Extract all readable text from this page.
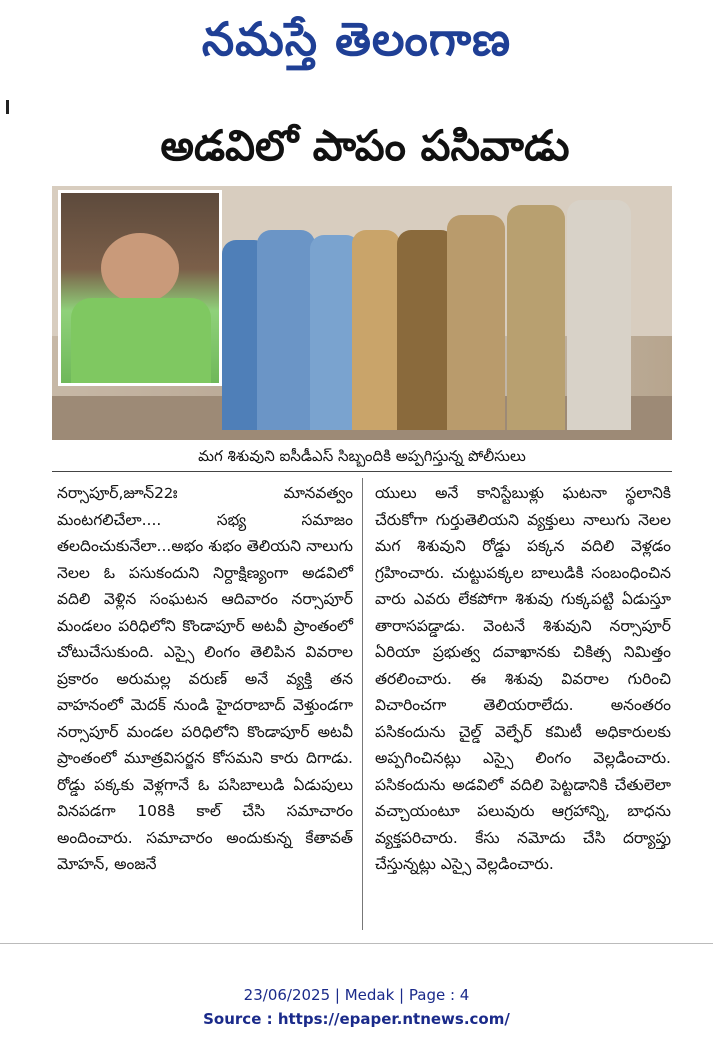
నమస్తే తెలంగాణ
అడవిలో పాపం పసివాడు
మగ శిశువుని ఐసీడీఎస్ సిబ్బందికి అప్పగిస్తున్న పోలీసులు

నర్సాపూర్,జూన్22ః మానవత్వం మంటగలిచేలా.... సభ్య సమాజం తలదించుకునేలా...అభం శుభం తెలియని నాలుగు నెలల ఓ పసుకందుని నిర్దాక్షిణ్యంగా అడవిలో వదిలి వెళ్లిన సంఘటన ఆదివారం నర్సాపూర్ మండలం పరిధిలోని కొండాపూర్ అటవీ ప్రాంతంలో చోటుచేసుకుంది. ఎస్సై లింగం తెలిపిన వివరాల ప్రకారం అరుమల్ల వరుణ్ అనే వ్యక్తి తన వాహనంలో మెదక్ నుండి హైదరాబాద్ వెళ్తుండగా నర్సాపూర్ మండల పరిధిలోని కొండాపూర్ అటవీ ప్రాంతంలో మూత్రవిసర్జన కోసమని కారు దిగాడు. రోడ్డు పక్కకు వెళ్లగానే ఓ పసిబాలుడి ఏడుపులు వినపడగా 108కి కాల్ చేసి సమాచారం అందించారు. సమాచారం అందుకున్న కేతావత్ మోహన్, అంజనే

యులు అనే కానిస్టేబుళ్లు ఘటనా స్థలానికి చేరుకోగా గుర్తుతెలియని వ్యక్తులు నాలుగు నెలల మగ శిశువుని రోడ్డు పక్కన వదిలి వెళ్లడం గ్రహించారు. చుట్టుపక్కల బాలుడికి సంబంధించిన వారు ఎవరు లేకపోగా శిశువు గుక్కపట్టి ఏడుస్తూ తారాసపడ్డాడు. వెంటనే శిశువుని నర్సాపూర్ ఏరియా ప్రభుత్వ దవాఖానకు చికిత్స నిమిత్తం తరలించారు. ఈ శిశువు వివరాల గురించి విచారించగా తెలియరాలేదు. అనంతరం పసికందును చైల్డ్ వెల్ఫేర్ కమిటీ అధికారులకు అప్పగించినట్లు ఎస్సై లింగం వెల్లడించారు. పసికందును అడవిలో వదిలి పెట్టడానికి చేతులెలా వచ్చాయంటూ పలువురు ఆగ్రహాన్ని, బాధను వ్యక్తపరిచారు. కేసు నమోదు చేసి దర్యాప్తు చేస్తున్నట్లు ఎస్సై వెల్లడించారు.

23/06/2025 | Medak | Page : 4
Source : https://epaper.ntnews.com/
